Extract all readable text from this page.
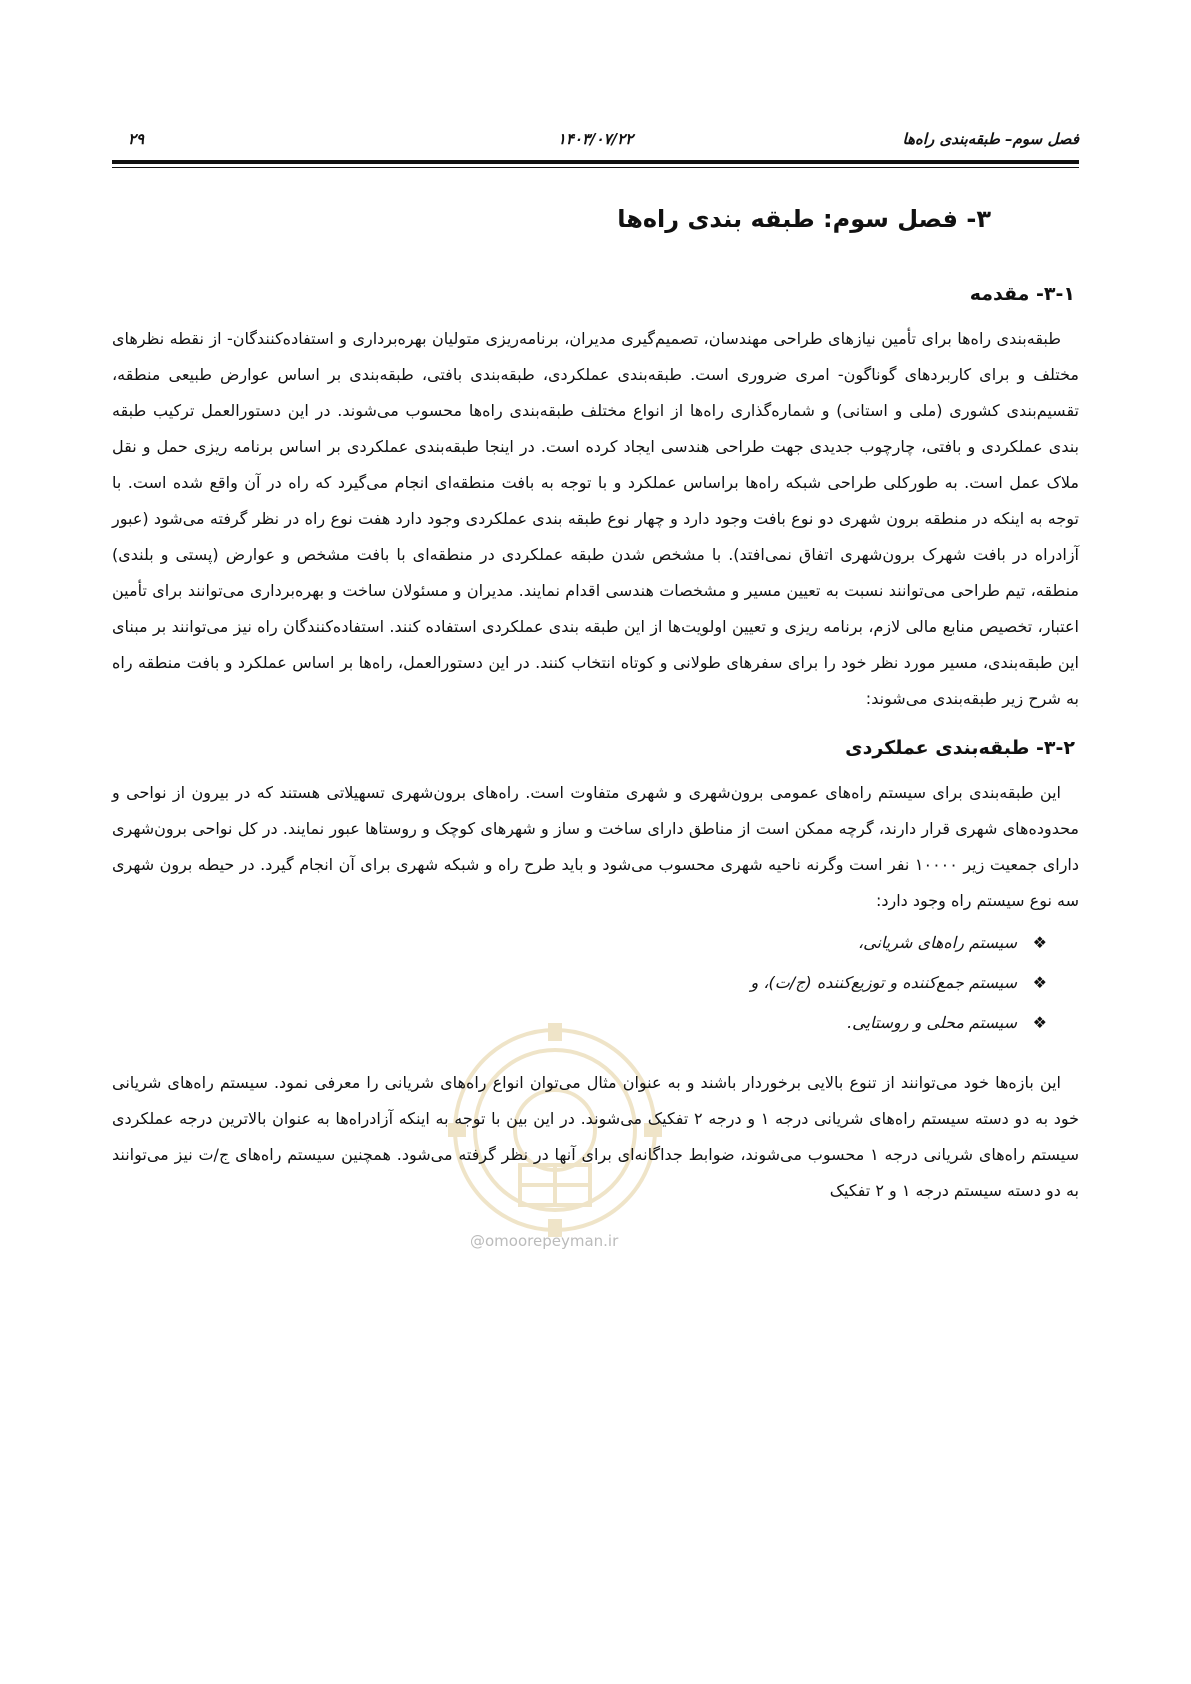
فصل سوم– طبقه‌بندی راه‌ها
۱۴۰۳/۰۷/۲۲
۲۹
@omoorepeyman.ir
۳- فصل سوم: طبقه بندی راه‌ها
۳-۱- مقدمه

طبقه‌بندی راه‌ها برای تأمین نیازهای طراحی مهندسان، تصمیم‌گیری مدیران، برنامه‌ریزی متولیان بهره‌برداری و استفاده‌کنندگان- از نقطه نظرهای مختلف و برای کاربردهای گوناگون- امری ضروری است. طبقه‌بندی عملکردی، طبقه‌بندی بافتی، طبقه‌بندی بر اساس عوارض طبیعی منطقه، تقسیم‌بندی کشوری (ملی و استانی) و شماره‌گذاری راه‌ها از انواع مختلف طبقه‌بندی راه‌ها محسوب می‌شوند. در این دستورالعمل ترکیب طبقه بندی عملکردی و بافتی، چارچوب جدیدی جهت طراحی هندسی ایجاد کرده است. در اینجا طبقه‌بندی عملکردی بر اساس برنامه ریزی حمل و نقل ملاک عمل است. به طورکلی طراحی شبکه راه‌ها براساس عملکرد و با توجه به بافت منطقه‌ای انجام می‌گیرد که راه در آن واقع شده است. با توجه به اینکه در منطقه برون شهری دو نوع بافت وجود دارد و چهار نوع طبقه بندی عملکردی وجود دارد هفت نوع راه در نظر گرفته می‌شود (عبور آزادراه در بافت شهرک برون‌شهری اتفاق نمی‌افتد). با مشخص شدن طبقه عملکردی در منطقه‌ای با بافت مشخص و عوارض (پستی و بلندی) منطقه، تیم طراحی می‌توانند نسبت به تعیین مسیر و مشخصات هندسی اقدام نمایند. مدیران و مسئولان ساخت و بهره‌برداری می‌توانند برای تأمین اعتبار، تخصیص منابع مالی لازم، برنامه ریزی و تعیین اولویت‌ها از این طبقه بندی عملکردی استفاده کنند. استفاده‌کنندگان راه نیز می‌توانند بر مبنای این طبقه‌بندی، مسیر مورد نظر خود را برای سفرهای طولانی و کوتاه انتخاب کنند. در این دستورالعمل، راه‌ها بر اساس عملکرد و بافت منطقه راه به شرح زیر طبقه‌بندی می‌شوند:

۳-۲- طبقه‌بندی عملکردی

این طبقه‌بندی برای سیستم راه‌های عمومی برون‌شهری و شهری متفاوت است. راه‌های برون‌شهری تسهیلاتی هستند که در بیرون از نواحی و محدوده‌های شهری قرار دارند، گرچه ممکن است از مناطق دارای ساخت و ساز و شهرهای کوچک و روستاها عبور نمایند. در کل نواحی برون‌شهری دارای جمعیت زیر ۱۰۰۰۰ نفر است وگرنه ناحیه شهری محسوب می‌شود و باید طرح راه و شبکه شهری برای آن انجام گیرد. در حیطه برون شهری سه نوع سیستم راه وجود دارد:

❖سیستم راه‌های شریانی،
❖سیستم جمع‌کننده و توزیع‌کننده (ج/ت)، و
❖سیستم محلی و روستایی.

این بازه‌ها خود می‌توانند از تنوع بالایی برخوردار باشند و به عنوان مثال می‌توان انواع راه‌های شریانی را معرفی نمود. سیستم راه‌های شریانی خود به دو دسته سیستم راه‌های شریانی درجه ۱ و درجه ۲ تفکیک می‌شوند. در این بین با توجه به اینکه آزادراه‌ها به عنوان بالاترین درجه عملکردی سیستم راه‌های شریانی درجه ۱ محسوب می‌شوند، ضوابط جداگانه‌ای برای آنها در نظر گرفته می‌شود. همچنین سیستم راه‌های ج/ت نیز می‌توانند به دو دسته سیستم درجه ۱ و ۲ تفکیک
